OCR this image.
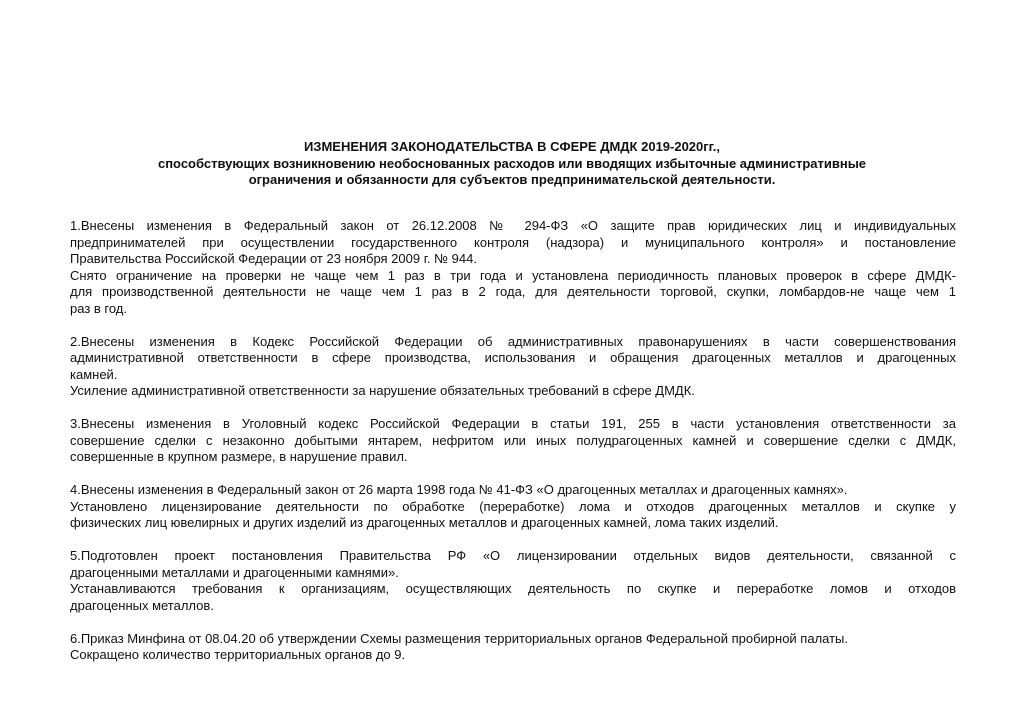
ИЗМЕНЕНИЯ ЗАКОНОДАТЕЛЬСТВА В СФЕРЕ ДМДК 2019-2020гг.,
способствующих возникновению необоснованных расходов или вводящих избыточные административные
ограничения и обязанности для субъектов предпринимательской деятельности.
1.Внесены изменения в Федеральный закон от 26.12.2008 № 294-ФЗ «О защите прав юридических лиц и индивидуальных
предпринимателей при осуществлении государственного контроля (надзора) и муниципального контроля» и постановление
Правительства Российской Федерации от 23 ноября 2009 г. № 944.
Снято ограничение на проверки не чаще чем 1 раз в три года и установлена периодичность плановых проверок в сфере ДМДК-
для производственной деятельности не чаще чем 1 раз в 2 года, для деятельности торговой, скупки, ломбардов-не чаще чем 1
раз в год.
2.Внесены изменения в Кодекс Российской Федерации об административных правонарушениях в части совершенствования
административной ответственности в сфере производства, использования и обращения драгоценных металлов и драгоценных
камней.
Усиление административной ответственности за нарушение обязательных требований в сфере ДМДК.
3.Внесены изменения в Уголовный кодекс Российской Федерации в статьи 191, 255 в части установления ответственности за
совершение сделки с незаконно добытыми янтарем, нефритом или иных полудрагоценных камней и совершение сделки с ДМДК,
совершенные в крупном размере, в нарушение правил.
4.Внесены изменения в Федеральный закон от 26 марта 1998 года № 41-ФЗ «О драгоценных металлах и драгоценных камнях».
Установлено лицензирование деятельности по обработке (переработке) лома и отходов драгоценных металлов и скупке у
физических лиц ювелирных и других изделий из драгоценных металлов и драгоценных камней, лома таких изделий.
5.Подготовлен проект постановления Правительства РФ «О лицензировании отдельных видов деятельности, связанной с
драгоценными металлами и драгоценными камнями».
Устанавливаются требования к организациям, осуществляющих деятельность по скупке и переработке ломов и отходов
драгоценных металлов.
6.Приказ Минфина от 08.04.20 об утверждении Схемы размещения территориальных органов Федеральной пробирной палаты.
Сокращено количество территориальных органов до 9.
